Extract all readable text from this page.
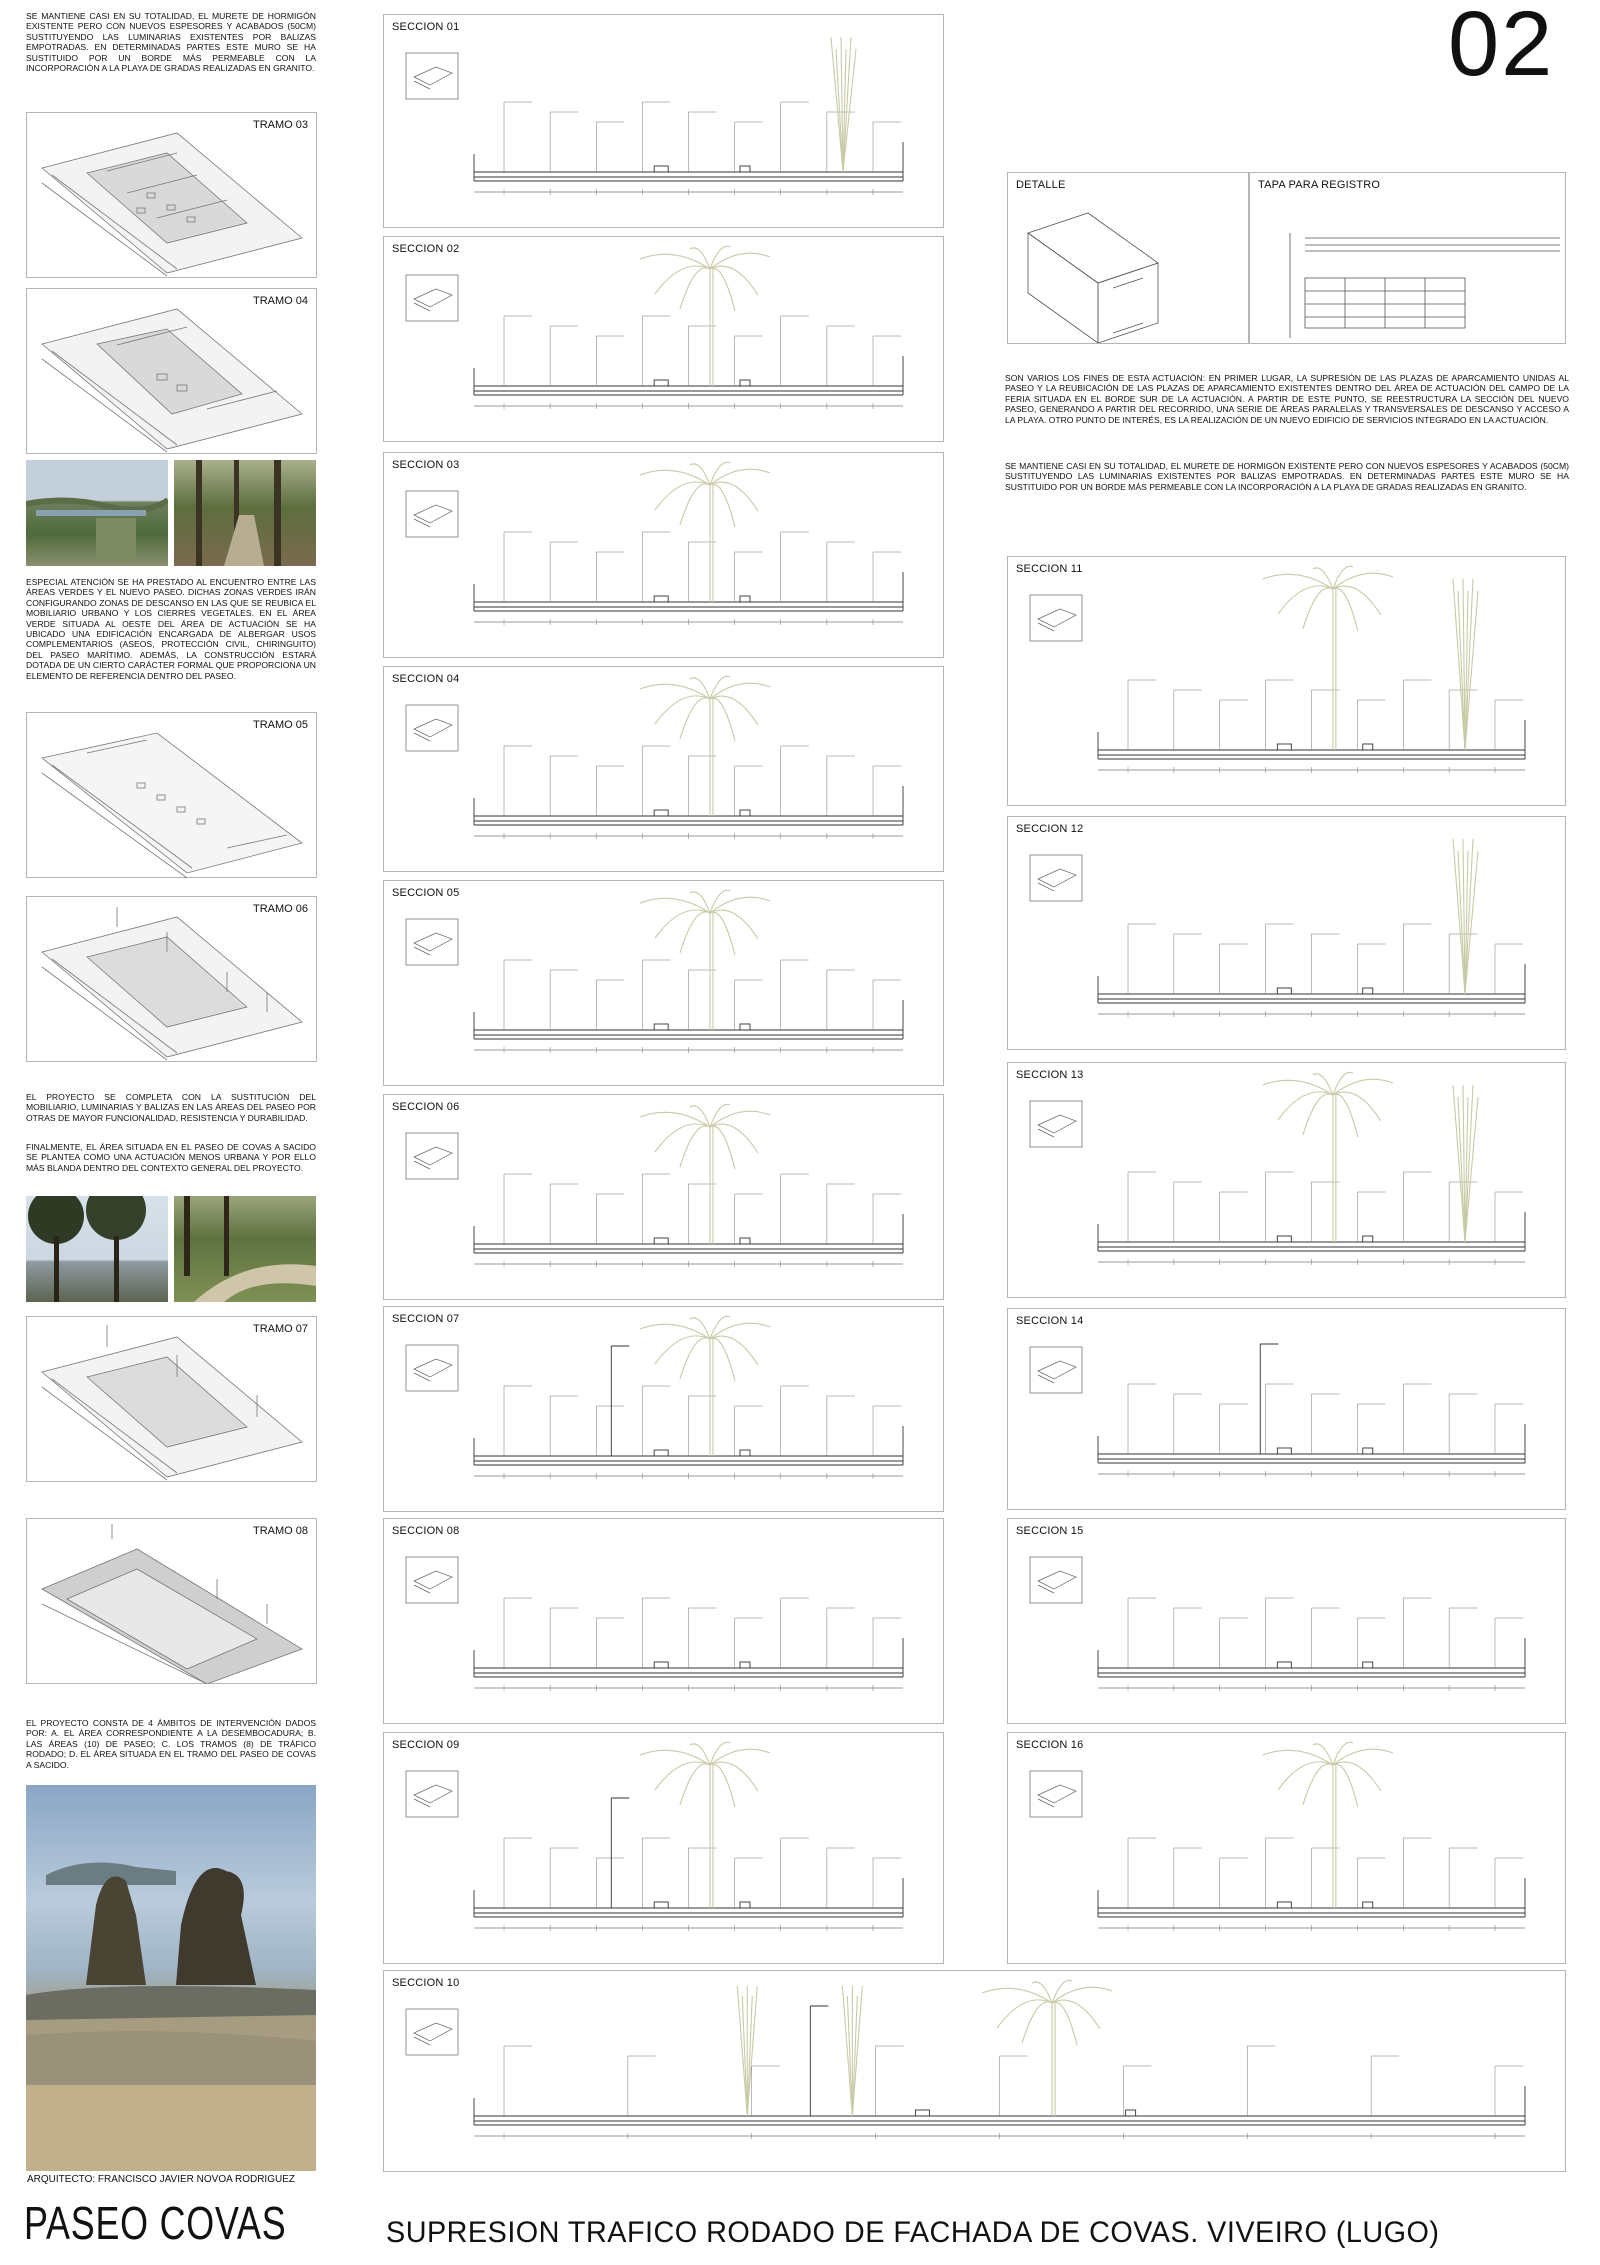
02
PASEO COVAS	SUPRESION TRAFICO RODADO DE FACHADA DE COVAS. VIVEIRO (LUGO)
ARQUITECTO: FRANCISCO JAVIER NOVOA RODRIGUEZ
SE MANTIENE CASI EN SU TOTALIDAD, EL MURETE DE HORMIGÓN EXISTENTE PERO CON NUEVOS ESPESORES Y ACABADOS (50CM) SUSTITUYENDO LAS LUMINARIAS EXISTENTES POR BALIZAS EMPOTRADAS. EN DETERMINADAS PARTES ESTE MURO SE HA SUSTITUIDO POR UN BORDE MÁS PERMEABLE CON LA INCORPORACIÓN A LA PLAYA DE GRADAS REALIZADAS EN GRANITO.
ESPECIAL ATENCIÓN SE HA PRESTADO AL ENCUENTRO ENTRE LAS ÁREAS VERDES Y EL NUEVO PASEO. DICHAS ZONAS VERDES IRÁN CONFIGURANDO ZONAS DE DESCANSO EN LAS QUE SE REUBICA EL MOBILIARIO URBANO Y LOS CIERRES VEGETALES. EN EL ÁREA VERDE SITUADA AL OESTE DEL ÁREA DE ACTUACIÓN SE HA UBICADO UNA EDIFICACIÓN ENCARGADA DE ALBERGAR USOS COMPLEMENTARIOS (ASEOS, PROTECCIÓN CIVIL, CHIRINGUITO) DEL PASEO MARÍTIMO. ADEMÁS, LA CONSTRUCCIÓN ESTARÁ DOTADA DE UN CIERTO CARÁCTER FORMAL QUE PROPORCIONA UN ELEMENTO DE REFERENCIA DENTRO DEL PASEO.
EL PROYECTO SE COMPLETA CON LA SUSTITUCIÓN DEL MOBILIARIO, LUMINARIAS Y BALIZAS EN LAS ÁREAS DEL PASEO POR OTRAS DE MAYOR FUNCIONALIDAD, RESISTENCIA Y DURABILIDAD.
FINALMENTE, EL ÁREA SITUADA EN EL PASEO DE COVAS A SACIDO SE PLANTEA COMO UNA ACTUACIÓN MENOS URBANA Y POR ELLO MÁS BLANDA DENTRO DEL CONTEXTO GENERAL DEL PROYECTO.
EL PROYECTO CONSTA DE 4 ÁMBITOS DE INTERVENCIÓN DADOS POR: A. EL ÁREA CORRESPONDIENTE A LA DESEMBOCADURA; B. LAS ÁREAS (10) DE PASEO; C. LOS TRAMOS (8) DE TRÁFICO RODADO; D. EL ÁREA SITUADA EN EL TRAMO DEL PASEO DE COVAS A SACIDO.
TRAMO 03
TRAMO 04
TRAMO 05
TRAMO 06
TRAMO 07
TRAMO 08
SON VARIOS LOS FINES DE ESTA ACTUACIÓN: EN PRIMER LUGAR, LA SUPRESIÓN DE LAS PLAZAS DE APARCAMIENTO UNIDAS AL PASEO Y LA REUBICACIÓN DE LAS PLAZAS DE APARCAMIENTO EXISTENTES DENTRO DEL ÁREA DE ACTUACIÓN DEL CAMPO DE LA FERIA SITUADA EN EL BORDE SUR DE LA ACTUACIÓN. A PARTIR DE ESTE PUNTO, SE REESTRUCTURA LA SECCIÓN DEL NUEVO PASEO, GENERANDO A PARTIR DEL RECORRIDO, UNA SERIE DE ÁREAS PARALELAS Y TRANSVERSALES DE DESCANSO Y ACCESO A LA PLAYA. OTRO PUNTO DE INTERÉS, ES LA REALIZACIÓN DE UN NUEVO EDIFICIO DE SERVICIOS INTEGRADO EN LA ACTUACIÓN.
SE MANTIENE CASI EN SU TOTALIDAD, EL MURETE DE HORMIGÓN EXISTENTE PERO CON NUEVOS ESPESORES Y ACABADOS (50CM) SUSTITUYENDO LAS LUMINARIAS EXISTENTES POR BALIZAS EMPOTRADAS. EN DETERMINADAS PARTES ESTE MURO SE HA SUSTITUIDO POR UN BORDE MÁS PERMEABLE CON LA INCORPORACIÓN A LA PLAYA DE GRADAS REALIZADAS EN GRANITO.
DETALLE	TAPA PARA REGISTRO
SECCION 01
SECCION 02
SECCION 03
SECCION 04
SECCION 05
SECCION 06
SECCION 07
SECCION 08
SECCION 09
SECCION 10
SECCION 11
SECCION 12
SECCION 13
SECCION 14
SECCION 15
SECCION 16
